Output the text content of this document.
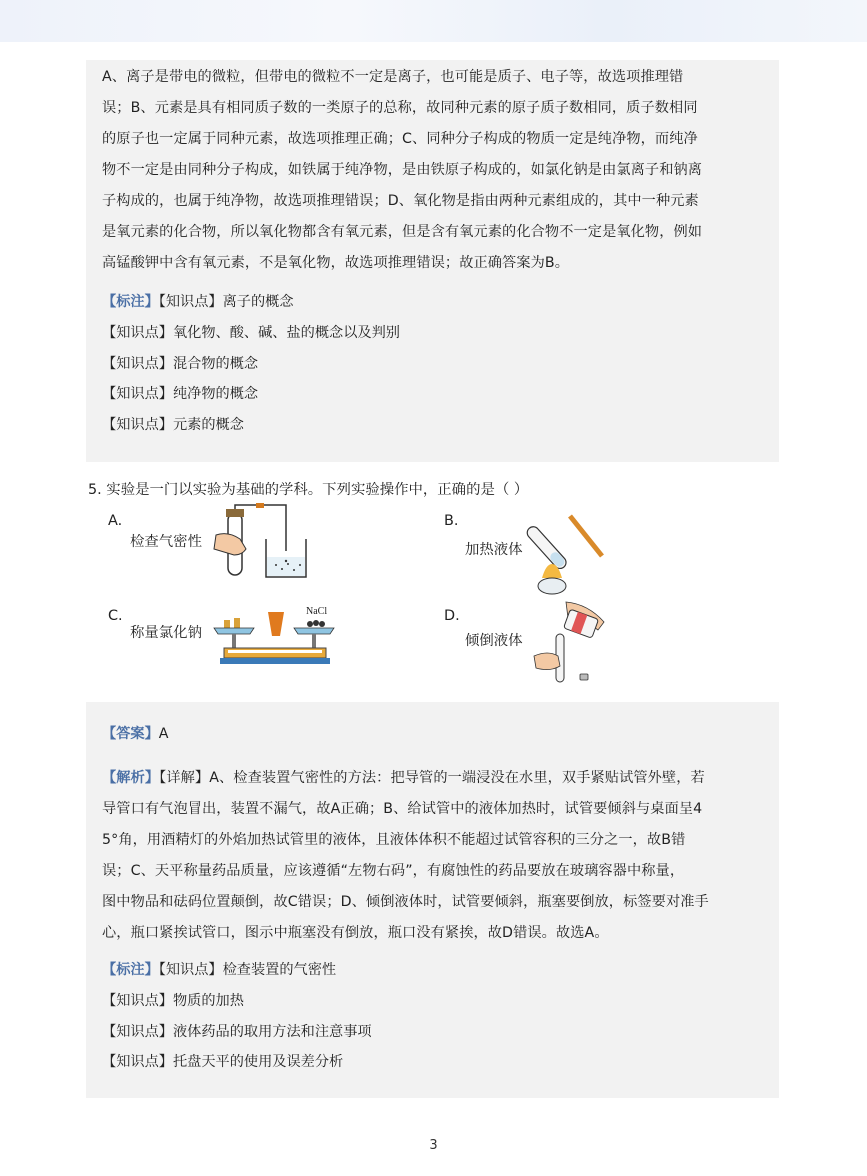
A、离子是带电的微粒，但带电的微粒不一定是离子，也可能是质子、电子等，故选项推理错
误；B、元素是具有相同质子数的一类原子的总称，故同种元素的原子质子数相同，质子数相同
的原子也一定属于同种元素，故选项推理正确；C、同种分子构成的物质一定是纯净物，而纯净
物不一定是由同种分子构成，如铁属于纯净物，是由铁原子构成的，如氯化钠是由氯离子和钠离
子构成的，也属于纯净物，故选项推理错误；D、氧化物是指由两种元素组成的，其中一种元素
是氧元素的化合物，所以氧化物都含有氧元素，但是含有氧元素的化合物不一定是氧化物，例如
高锰酸钾中含有氧元素，不是氧化物，故选项推理错误；故正确答案为B。
【标注】【知识点】离子的概念
【知识点】氧化物、酸、碱、盐的概念以及判别
【知识点】混合物的概念
【知识点】纯净物的概念
【知识点】元素的概念
5. 实验是一门以实验为基础的学科。下列实验操作中，正确的是（ ）
A.
检查气密性
B.
加热液体
C.
称量氯化钠
NaCl	D.
倾倒液体
【答案】A
【解析】【详解】A、检查装置气密性的方法：把导管的一端浸没在水里，双手紧贴试管外壁，若
导管口有气泡冒出，装置不漏气，故A正确；B、给试管中的液体加热时，试管要倾斜与桌面呈4
5°角，用酒精灯的外焰加热试管里的液体，且液体体积不能超过试管容积的三分之一，故B错
误；C、天平称量药品质量，应该遵循“左物右码”，有腐蚀性的药品要放在玻璃容器中称量，
图中物品和砝码位置颠倒，故C错误；D、倾倒液体时，试管要倾斜，瓶塞要倒放，标签要对准手
心，瓶口紧挨试管口，图示中瓶塞没有倒放，瓶口没有紧挨，故D错误。故选A。
【标注】【知识点】检查装置的气密性
【知识点】物质的加热
【知识点】液体药品的取用方法和注意事项
【知识点】托盘天平的使用及误差分析
3
